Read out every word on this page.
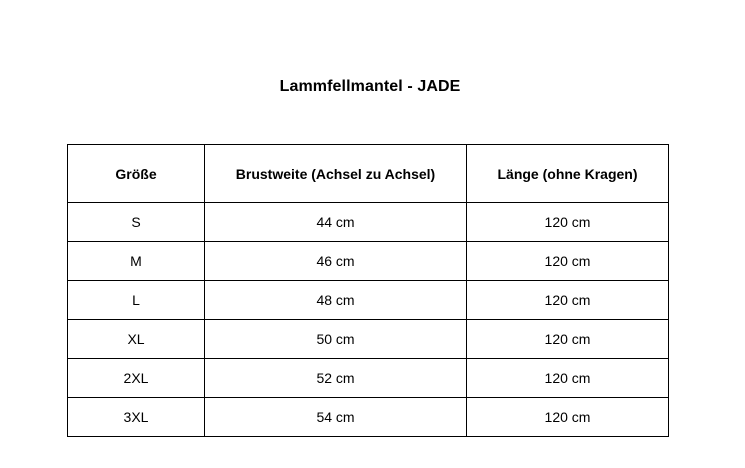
Lammfellmantel - JADE
Größe	Brustweite (Achsel zu Achsel)	Länge (ohne Kragen)
S	44 cm	120 cm
M	46 cm	120 cm
L	48 cm	120 cm
XL	50 cm	120 cm
2XL	52 cm	120 cm
3XL	54 cm	120 cm
